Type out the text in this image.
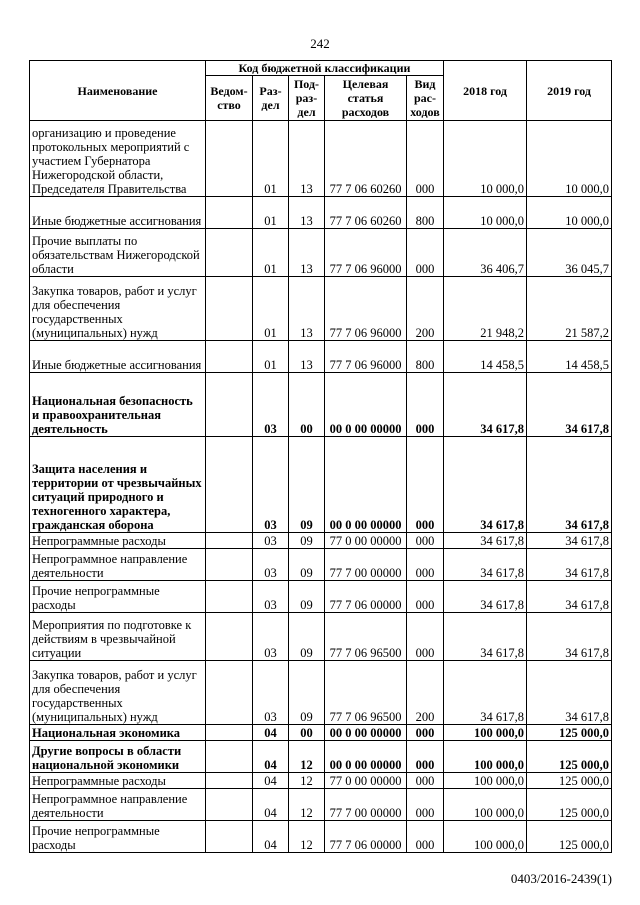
242
Наименование	Код бюджетной классификации					2018 год	2019 год
	Ведом-ство	Раз-дел	Под-раз-дел	Целевая статья расходов	Вид рас-ходов		
организацию и проведение протокольных мероприятий с участием Губернатора Нижегородской области, Председателя Правительства		01	13	77 7 06 60260	000	10 000,0	10 000,0
Иные бюджетные ассигнования		01	13	77 7 06 60260	800	10 000,0	10 000,0
Прочие выплаты по обязательствам Нижегородской области		01	13	77 7 06 96000	000	36 406,7	36 045,7
Закупка товаров, работ и услуг для обеспечения государственных (муниципальных) нужд		01	13	77 7 06 96000	200	21 948,2	21 587,2
Иные бюджетные ассигнования		01	13	77 7 06 96000	800	14 458,5	14 458,5
Национальная безопасность и правоохранительная деятельность		03	00	00 0 00 00000	000	34 617,8	34 617,8
Защита населения и территории от чрезвычайных ситуаций природного и техногенного характера, гражданская оборона		03	09	00 0 00 00000	000	34 617,8	34 617,8
Непрограммные расходы		03	09	77 0 00 00000	000	34 617,8	34 617,8
Непрограммное направление деятельности		03	09	77 7 00 00000	000	34 617,8	34 617,8
Прочие непрограммные расходы		03	09	77 7 06 00000	000	34 617,8	34 617,8
Мероприятия по подготовке к действиям в чрезвычайной ситуации		03	09	77 7 06 96500	000	34 617,8	34 617,8
Закупка товаров, работ и услуг для обеспечения государственных (муниципальных) нужд		03	09	77 7 06 96500	200	34 617,8	34 617,8
Национальная экономика		04	00	00 0 00 00000	000	100 000,0	125 000,0
Другие вопросы в области национальной экономики		04	12	00 0 00 00000	000	100 000,0	125 000,0
Непрограммные расходы		04	12	77 0 00 00000	000	100 000,0	125 000,0
Непрограммное направление деятельности		04	12	77 7 00 00000	000	100 000,0	125 000,0
Прочие непрограммные расходы		04	12	77 7 06 00000	000	100 000,0	125 000,0
0403/2016-2439(1)
